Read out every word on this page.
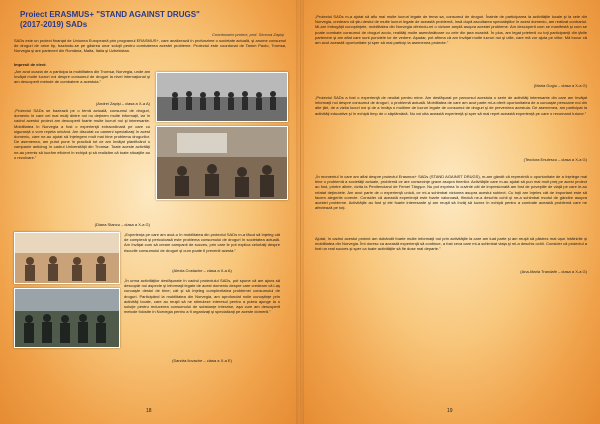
Proiect ERASMUS+ "STAND AGAINST DRUGS"
(2017-2019) SADs
Coordonator proiect, prof. Simona Zapişi
SADs este un proiect finanţat de Uniunea Europeană prin programul ERASMUS+, care analizează în profunzime o societate actuală, şi anume consumul de droguri de orice tip, bazându-se pe găsirea unor soluţii pentru combaterea acestei probleme. Proiectul este coordonat de Tamm Paolo, Tromsø, Norvegia şi are parteneri din România, Malta, Italia şi Uzbekistan.
Impresii de elevi:
„Am avut ocazia de a participa la mobilitatea din Tromsø, Norvegia, unde am învăţat multe lucruri noi despre consumul de droguri la nivel internaţional şi am descoperit metode de combatere a acestuia."
(Andrei Zapişi – clasa a X-a A)
„Proiectul SADs se bazează pe o temă actuală, consumul de droguri, domeniu în care cei mai mulţi dintre noi nu deţinem multe informaţii, iar în cadrul acestui proiect am descoperit foarte multe lucruri noi şi interesante. Mobilitatea în Norvegia a fost o experienţă extraordinară pe care cu siguranţă o vom repeta oricând. Am discutat cu oameni specializaţi în acest domeniu, care ne-au ajutat să înţelegem mult mai bine problema drogurilor. De asemenea, am putut pune în practică tot ce am învăţat planificând o campanie antidrog în cadrul Universităţii din Tromsø. Toate aceste activităţi ne-au permis să lucrăm eficient în echipă şi să realizăm că toate situaţiile au o rezolvare."
(Diana Stancu – clasa a X-a G)
„Experienţa pe care am avut-o în mobilitatea din proiectul SADs m-a făcut să înţeleg cât de complexă şi periculoasă este problema consumului de droguri în societatea actuală. Am învăţat cum să cream campanii de succes, prin care le pot explica celorlalţi despre riscurile consumului de droguri şi cum poate fi prevenit acesta."
(Alexia Costache – clasa a X-a A)
„În urma activităţilor desfăşurate în cadrul proiectului SADs, pot spune că am ajuns să descopăr noi aspecte şi informaţii legate de acest domeniu despre care credeam că l-aş cunoaşte destul de bine; cât şi să înţeleg complexitatea problemei consumului de droguri. Participând la mobilitatea din Norvegia, am aprofundat noile cunoştinţe prin activităţi locale, care au reuşit să ne stimuleze interesul pentru a putea ajunge la o soluţie pentru reducerea consumului de substanţe interzise, aşa cum am descoperit metode folosite în Norvegia pentru a fi organizaţi şi specializaţi pe aceste domenii."
(Sandra Ilovache – clasa a X-a E)
18
„Proiectul SADs m-a ajutat să aflu mai multe lucruri legate de tema sa, consumul de droguri. Înainte de participarea la activităţile locale şi la cele din Norvegia, credeam că ştiu destul de multe lucruri legate de această problemă, însă după ascultarea specialiştilor în acest domeniu, am realizat contrariul. Mi-am îmbogăţit cunoştinţele, mobilitatea din Norvegia oferindu-mi o viziune amplă asupra acestei probleme. Am descoperit cum se manifestă şi cum se poate combate consumul de droguri acolo, realităţi multe asemănătoare cu cele din ţara noastră. În plus, am legat prietenii cu toţi participanţii din ţările partenere şi am aflat care sunt punctele lor de vedere. Aşadar, pot afirma că am învăţat multe lucruri noi şi utile, care mă vor ajuta pe viitor. Mă bucur că am avut această oportunitate şi sper să mai particip la asemenea proiecte."
(Maria Gogiu – clasa a X-a G)
„Proiectul SADs a fost o experienţă de neuitat pentru mine. Am desfăşurat pe parcursul acestuia o serie de activităţi interesante din care am învăţat informaţii noi despre consumul de droguri, o problemă actuală. Mobilitatea de care am avut parte mi-a oferit oportunitatea de a cunoaşte persoane noi din alte ţări, de a vizita locuri noi şi de a învăţa o multime de lucruri legate de consumul de droguri şi de prevenirea acestuia. De asemenea, am participat la activităţi educative şi în echipă timp de o săptămână. Nu voi uita această experienţă şi sper să mai repet această experienţă pe care o recomand tuturor."
(Teodora Enulescu – clasa a X-a G)
„În momentul în care am aflat despre proiectul Erasmus+ SADs (STAND AGAINST DRUGS), m-am gândit că reprezintă o oportunitate de a înţelege mai bine o problemă a societăţii actuale, problemă ce are consecinţe grave asupra tinerilor. Activităţile care m-au ajutat să pun mai mult preţ pe acest proiect au fost, printre altele, vizita la Penitenciarul de Femei Târgşor. Nu pot exprima în cuvinte cât de impresionată am fost de poveştile de viaţă pe care le-au relatat deţinutele. Am avut parte de o experienţă unică, ce mi-a schimbat viziunea asupra acestui subiect. Cu toţii am înţeles cât de important este să facem alegerile corecte. Consider că această experienţă este foarte valoroasă, fiindcă ne-a deschis ochii şi ne-a schimbat modul de gândire asupra acestei probleme. Activităţile au fost şi ele foarte interesante şi am reuşit să învăţ să lucrez în echipă pentru a combate această problemă care ne afectează pe toţi.
Ajutat, în cadrul acestui proiect am dobândit foarte multe informaţii noi prin activităţile la care am luat parte şi am reuşit să păstrez mai uşor întâlnirile şi mobilitatea din Norvegia. Îmi doresc ca această experienţă să continue, a fost ceva care mi-a schimbat viaţa şi mi-a deschis ochii. Consider că proiectul a fost un real succes şi sper ca toate activităţile să fie duse mai departe."
(Ana-Maria Trandafir – clasa a X-a G)
19
